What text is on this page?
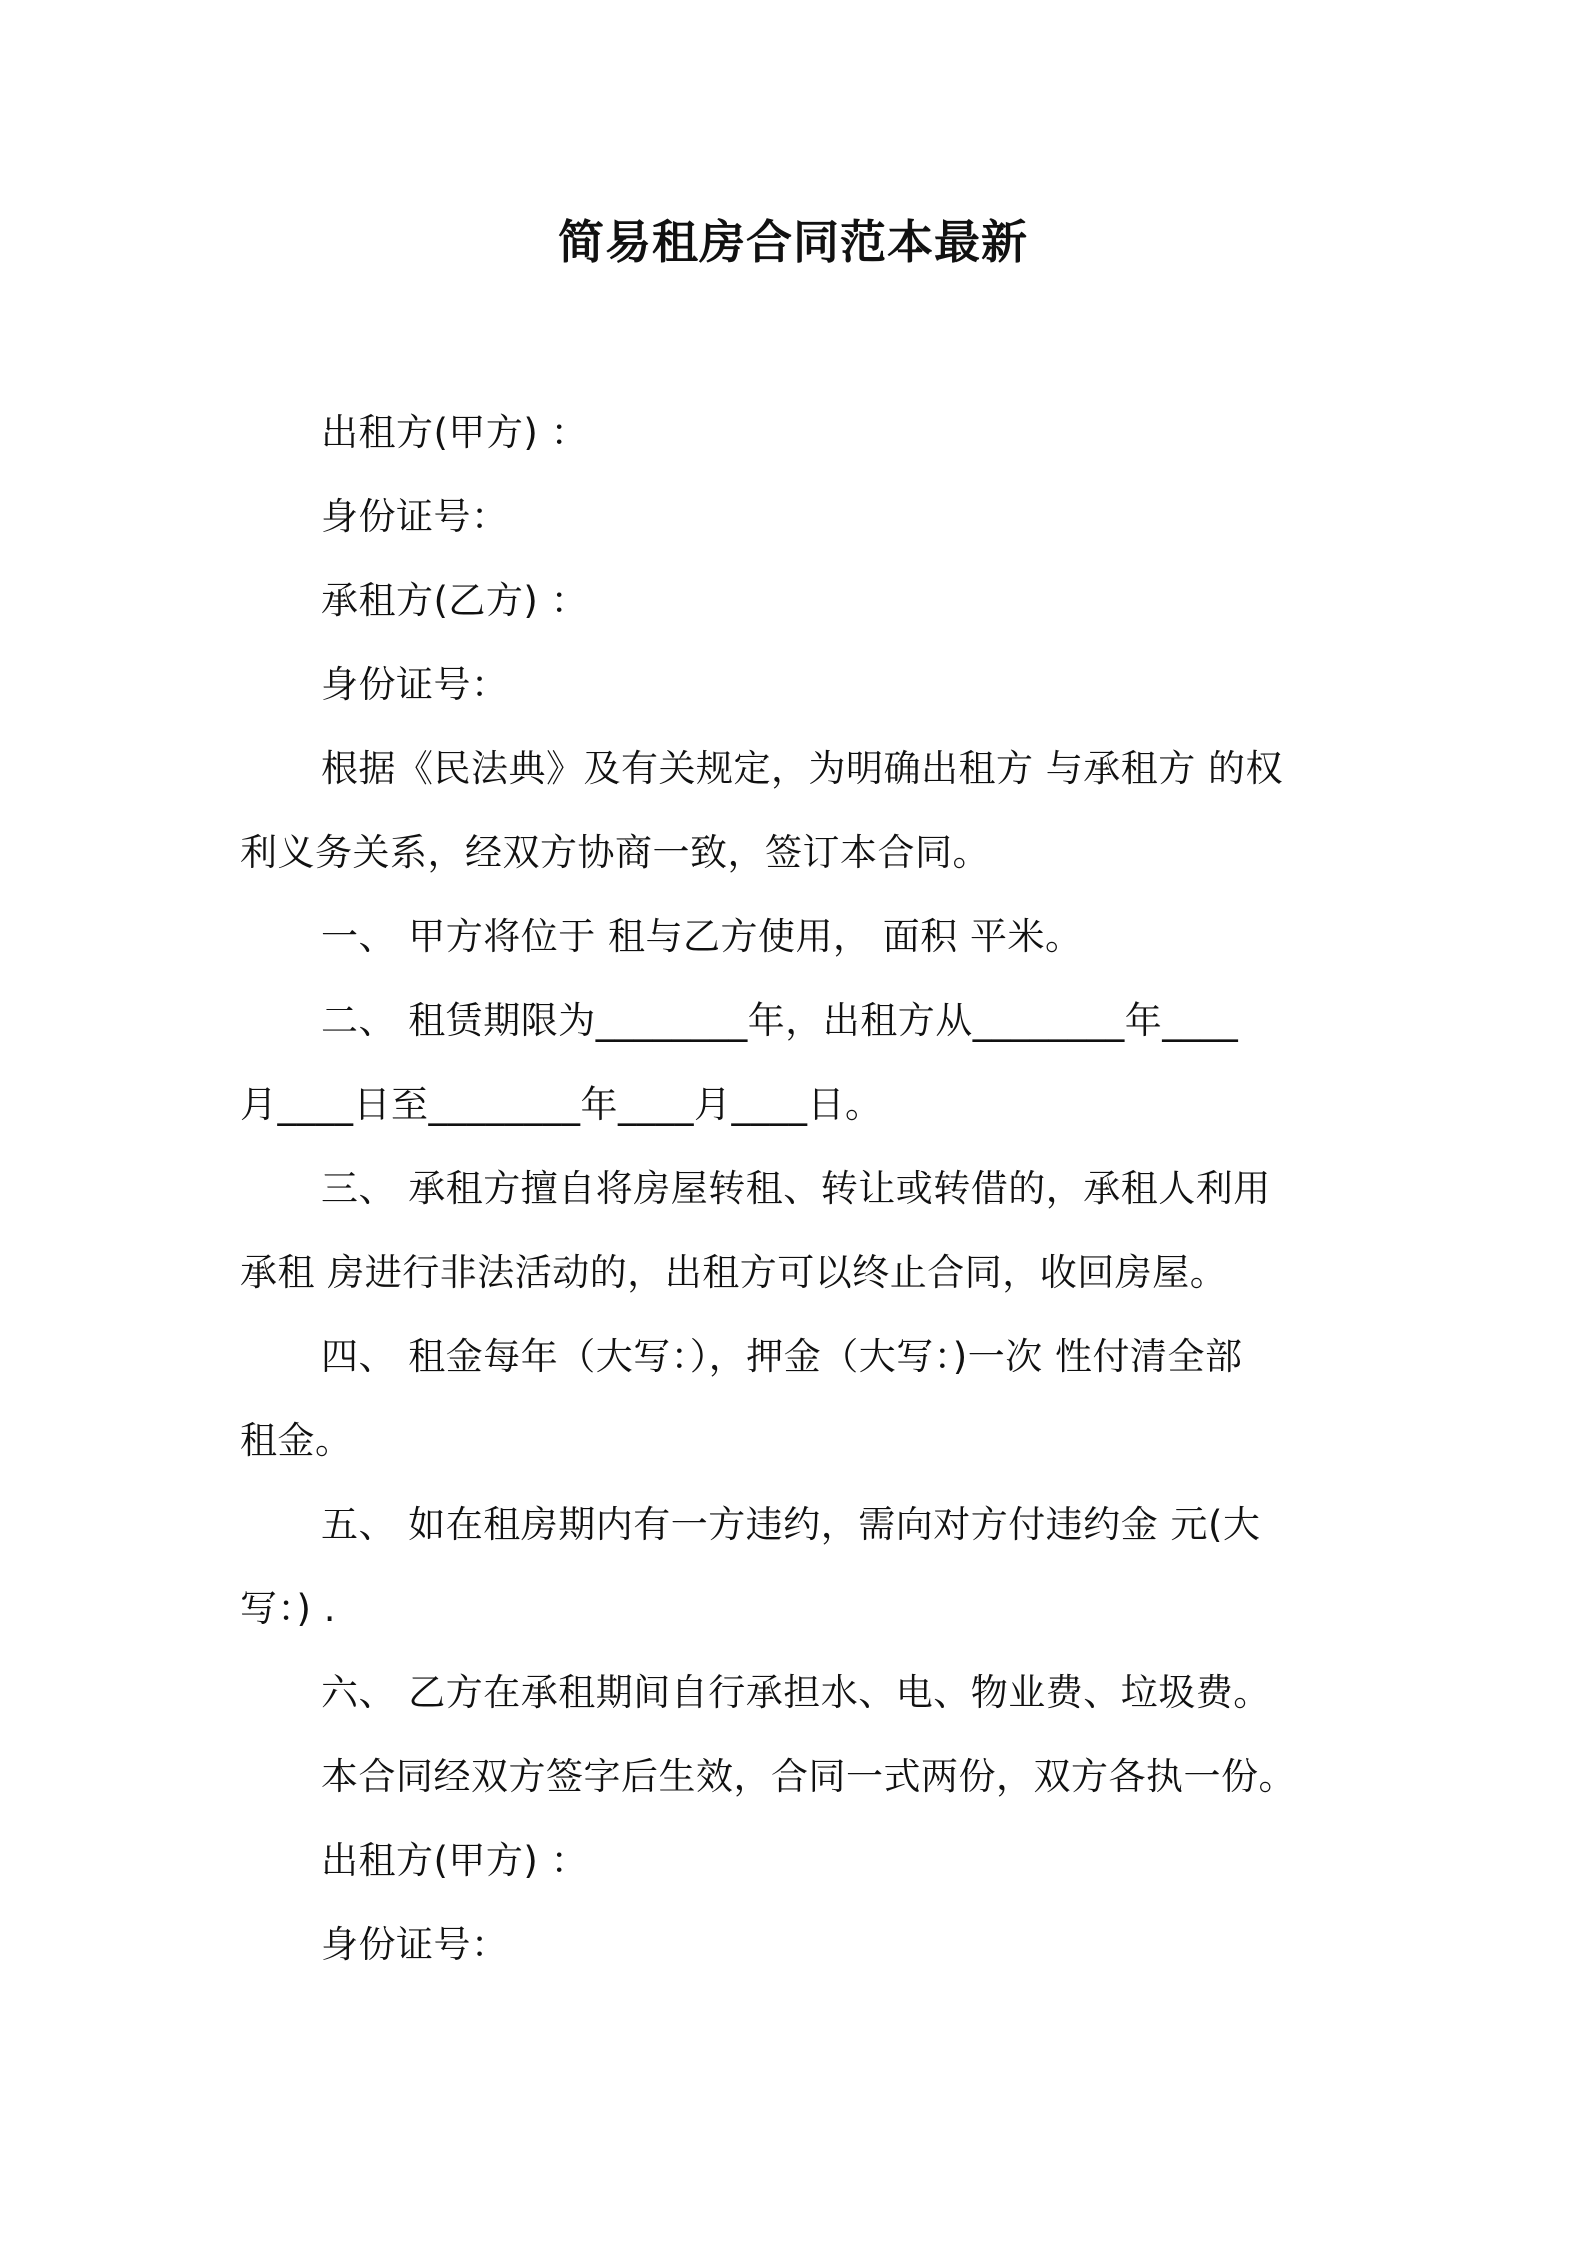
简易租房合同范本最新
出租方(甲方) ：
身份证号：
承租方(乙方) ：
身份证号：
根据《民法典》及有关规定，为明确出租方 与承租方 的权
利义务关系，经双方协商一致，签订本合同。
一、 甲方将位于 租与乙方使用， 面积 平米。
二、 租赁期限为________年，出租方从________年____
月____日至________年____月____日。
三、 承租方擅自将房屋转租、转让或转借的，承租人利用
承租 房进行非法活动的，出租方可以终止合同，收回房屋。
四、 租金每年（大写：），押金（大写：)一次 性付清全部
租金。
五、 如在租房期内有一方违约，需向对方付违约金 元(大
写：) .
六、 乙方在承租期间自行承担水、电、物业费、垃圾费。
本合同经双方签字后生效，合同一式两份，双方各执一份。
出租方(甲方) ：
身份证号：
